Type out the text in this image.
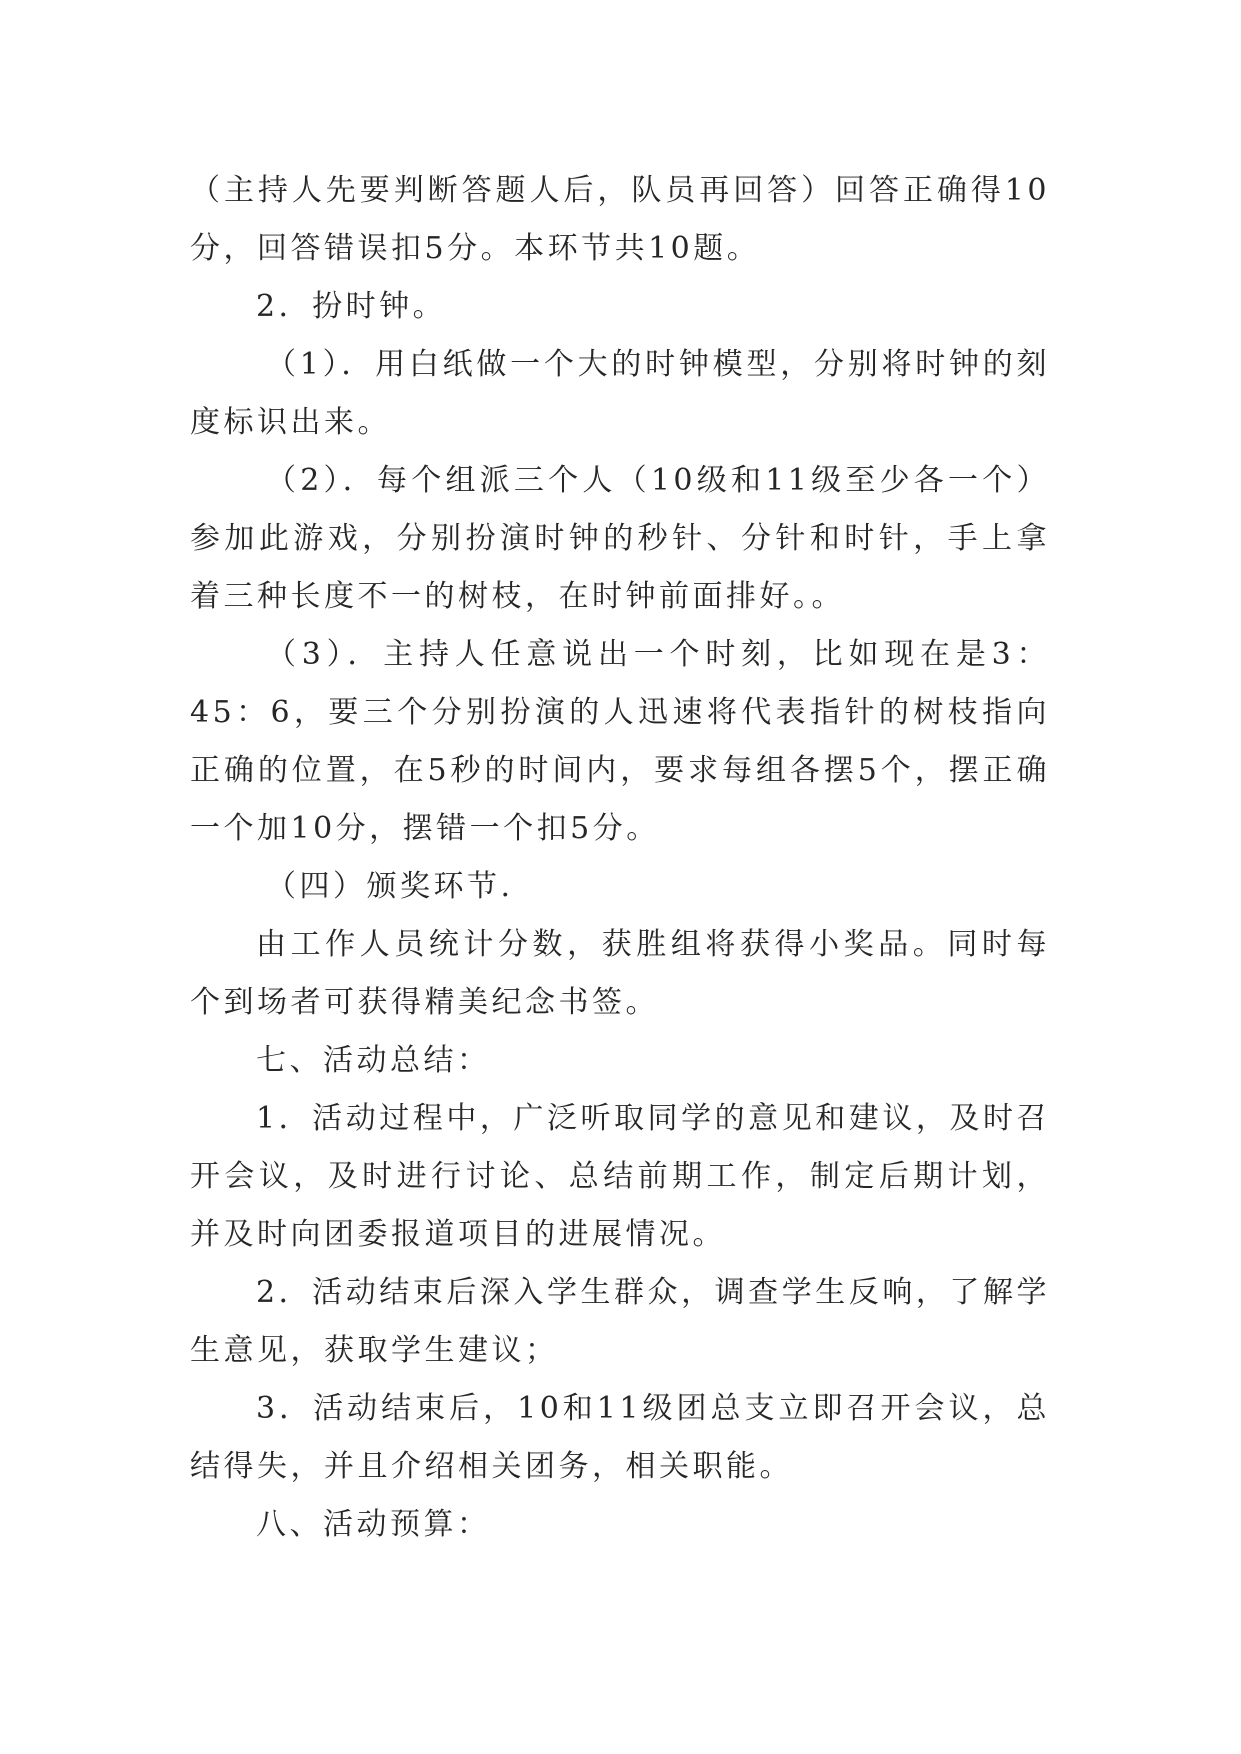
（主持人先要判断答题人后，队员再回答）回答正确得10分，回答错误扣5分。本环节共10题。

2．扮时钟。

（1）．用白纸做一个大的时钟模型，分别将时钟的刻度标识出来。

（2）．每个组派三个人（10级和11级至少各一个）参加此游戏，分别扮演时钟的秒针、分针和时针，手上拿着三种长度不一的树枝，在时钟前面排好。。

（3）．主持人任意说出一个时刻，比如现在是3：45：6，要三个分别扮演的人迅速将代表指针的树枝指向正确的位置，在5秒的时间内，要求每组各摆5个，摆正确一个加10分，摆错一个扣5分。

（四）颁奖环节.

由工作人员统计分数，获胜组将获得小奖品。同时每个到场者可获得精美纪念书签。

七、活动总结：

1．活动过程中，广泛听取同学的意见和建议，及时召开会议，及时进行讨论、总结前期工作，制定后期计划，并及时向团委报道项目的进展情况。

2．活动结束后深入学生群众，调查学生反响，了解学生意见，获取学生建议；

3．活动结束后，10和11级团总支立即召开会议，总结得失，并且介绍相关团务，相关职能。

八、活动预算：
